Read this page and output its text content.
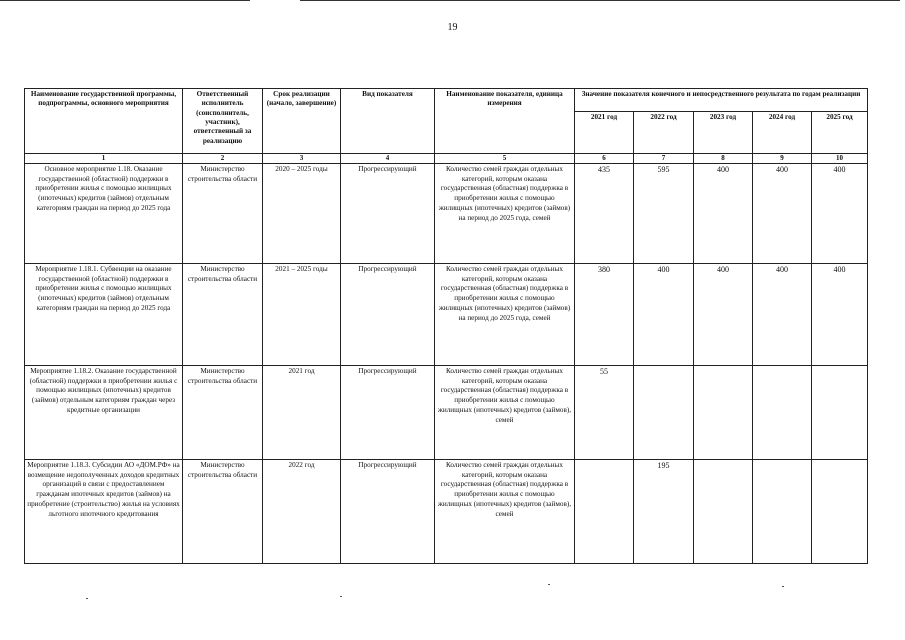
19
Наименование государственной программы, подпрограммы, основного мероприятия	Ответственный исполнитель (соисполнитель, участник), ответственный за реализацию	Срок реализации (начало, завершение)	Вид показателя	Наименование показателя, единица измерения	Значение показателя конечного и непосредственного результата по годам реализации				
					2021 год	2022 год	2023 год	2024 год	2025 год
1	2	3	4	5	6	7	8	9	10
Основное мероприятие 1.18. Оказание государственной (областной) поддержки в приобретении жилья с помощью жилищных (ипотечных) кредитов (займов) отдельным категориям граждан на период до 2025 года	Министерство строительства области	2020 – 2025 годы	Прогрессирующий	Количество семей граждан отдельных категорий, которым оказана государственная (областная) поддержка в приобретении жилья с помощью жилищных (ипотечных) кредитов (займов) на период до 2025 года, семей	435	595	400	400	400
Мероприятие 1.18.1. Субвенции на оказание государственной (областной) поддержки в приобретении жилья с помощью жилищных (ипотечных) кредитов (займов) отдельным категориям граждан на период до 2025 года	Министерство строительства области	2021 – 2025 годы	Прогрессирующий	Количество семей граждан отдельных категорий, которым оказана государственная (областная) поддержка в приобретении жилья с помощью жилищных (ипотечных) кредитов (займов) на период до 2025 года, семей	380	400	400	400	400
Мероприятие 1.18.2. Оказание государственной (областной) поддержки в приобретении жилья с помощью жилищных (ипотечных) кредитов (займов) отдельным категориям граждан через кредитные организации	Министерство строительства области	2021 год	Прогрессирующий	Количество семей граждан отдельных категорий, которым оказана государственная (областная) поддержка в приобретении жилья с помощью жилищных (ипотечных) кредитов (займов), семей	55				
Мероприятие 1.18.3. Субсидии АО «ДОМ.РФ» на возмещение недополученных доходов кредитных организаций в связи с предоставлением гражданам ипотечных кредитов (займов) на приобретение (строительство) жилья на условиях льготного ипотечного кредитования	Министерство строительства области	2022 год	Прогрессирующий	Количество семей граждан отдельных категорий, которым оказана государственная (областная) поддержка в приобретении жилья с помощью жилищных (ипотечных) кредитов (займов), семей		195			
